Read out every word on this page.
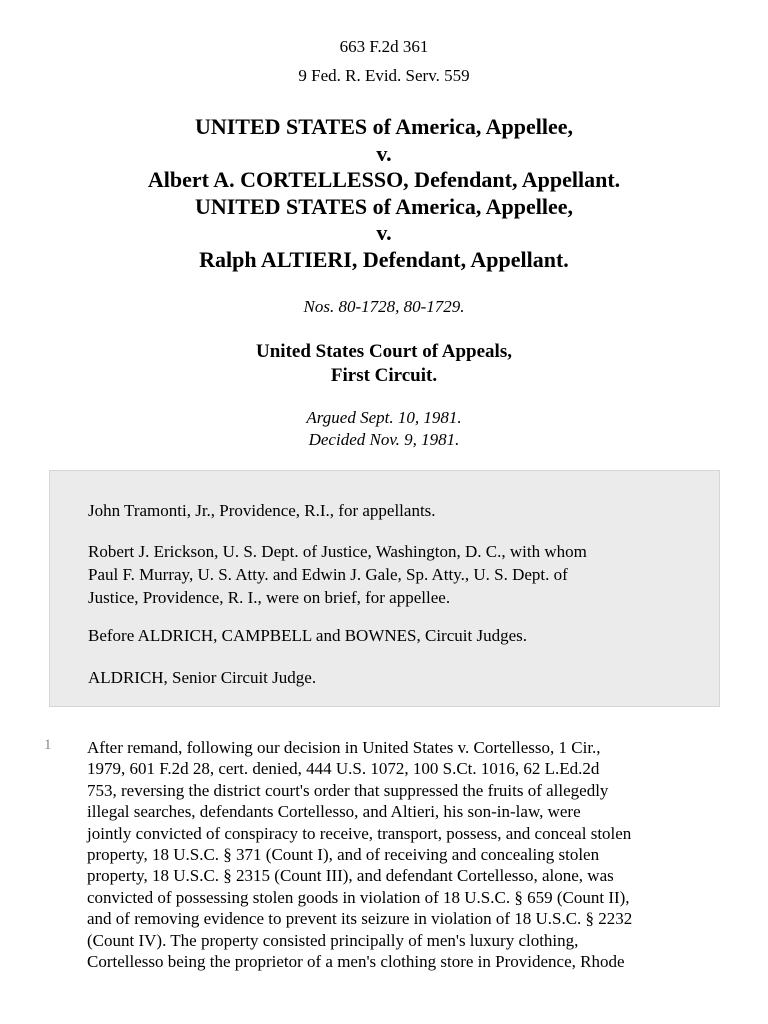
663 F.2d 361
9 Fed. R. Evid. Serv. 559
UNITED STATES of America, Appellee,
v.
Albert A. CORTELLESSO, Defendant, Appellant.
UNITED STATES of America, Appellee,
v.
Ralph ALTIERI, Defendant, Appellant.
Nos. 80-1728, 80-1729.
United States Court of Appeals,
First Circuit.
Argued Sept. 10, 1981.
Decided Nov. 9, 1981.

John Tramonti, Jr., Providence, R.I., for appellants.

Robert J. Erickson, U. S. Dept. of Justice, Washington, D. C., with whom
Paul F. Murray, U. S. Atty. and Edwin J. Gale, Sp. Atty., U. S. Dept. of
Justice, Providence, R. I., were on brief, for appellee.

Before ALDRICH, CAMPBELL and BOWNES, Circuit Judges.

ALDRICH, Senior Circuit Judge.

1 After remand, following our decision in United States v. Cortellesso, 1 Cir.,
1979, 601 F.2d 28, cert. denied, 444 U.S. 1072, 100 S.Ct. 1016, 62 L.Ed.2d
753, reversing the district court's order that suppressed the fruits of allegedly
illegal searches, defendants Cortellesso, and Altieri, his son-in-law, were
jointly convicted of conspiracy to receive, transport, possess, and conceal stolen
property, 18 U.S.C. § 371 (Count I), and of receiving and concealing stolen
property, 18 U.S.C. § 2315 (Count III), and defendant Cortellesso, alone, was
convicted of possessing stolen goods in violation of 18 U.S.C. § 659 (Count II),
and of removing evidence to prevent its seizure in violation of 18 U.S.C. § 2232
(Count IV). The property consisted principally of men's luxury clothing,
Cortellesso being the proprietor of a men's clothing store in Providence, Rhode
